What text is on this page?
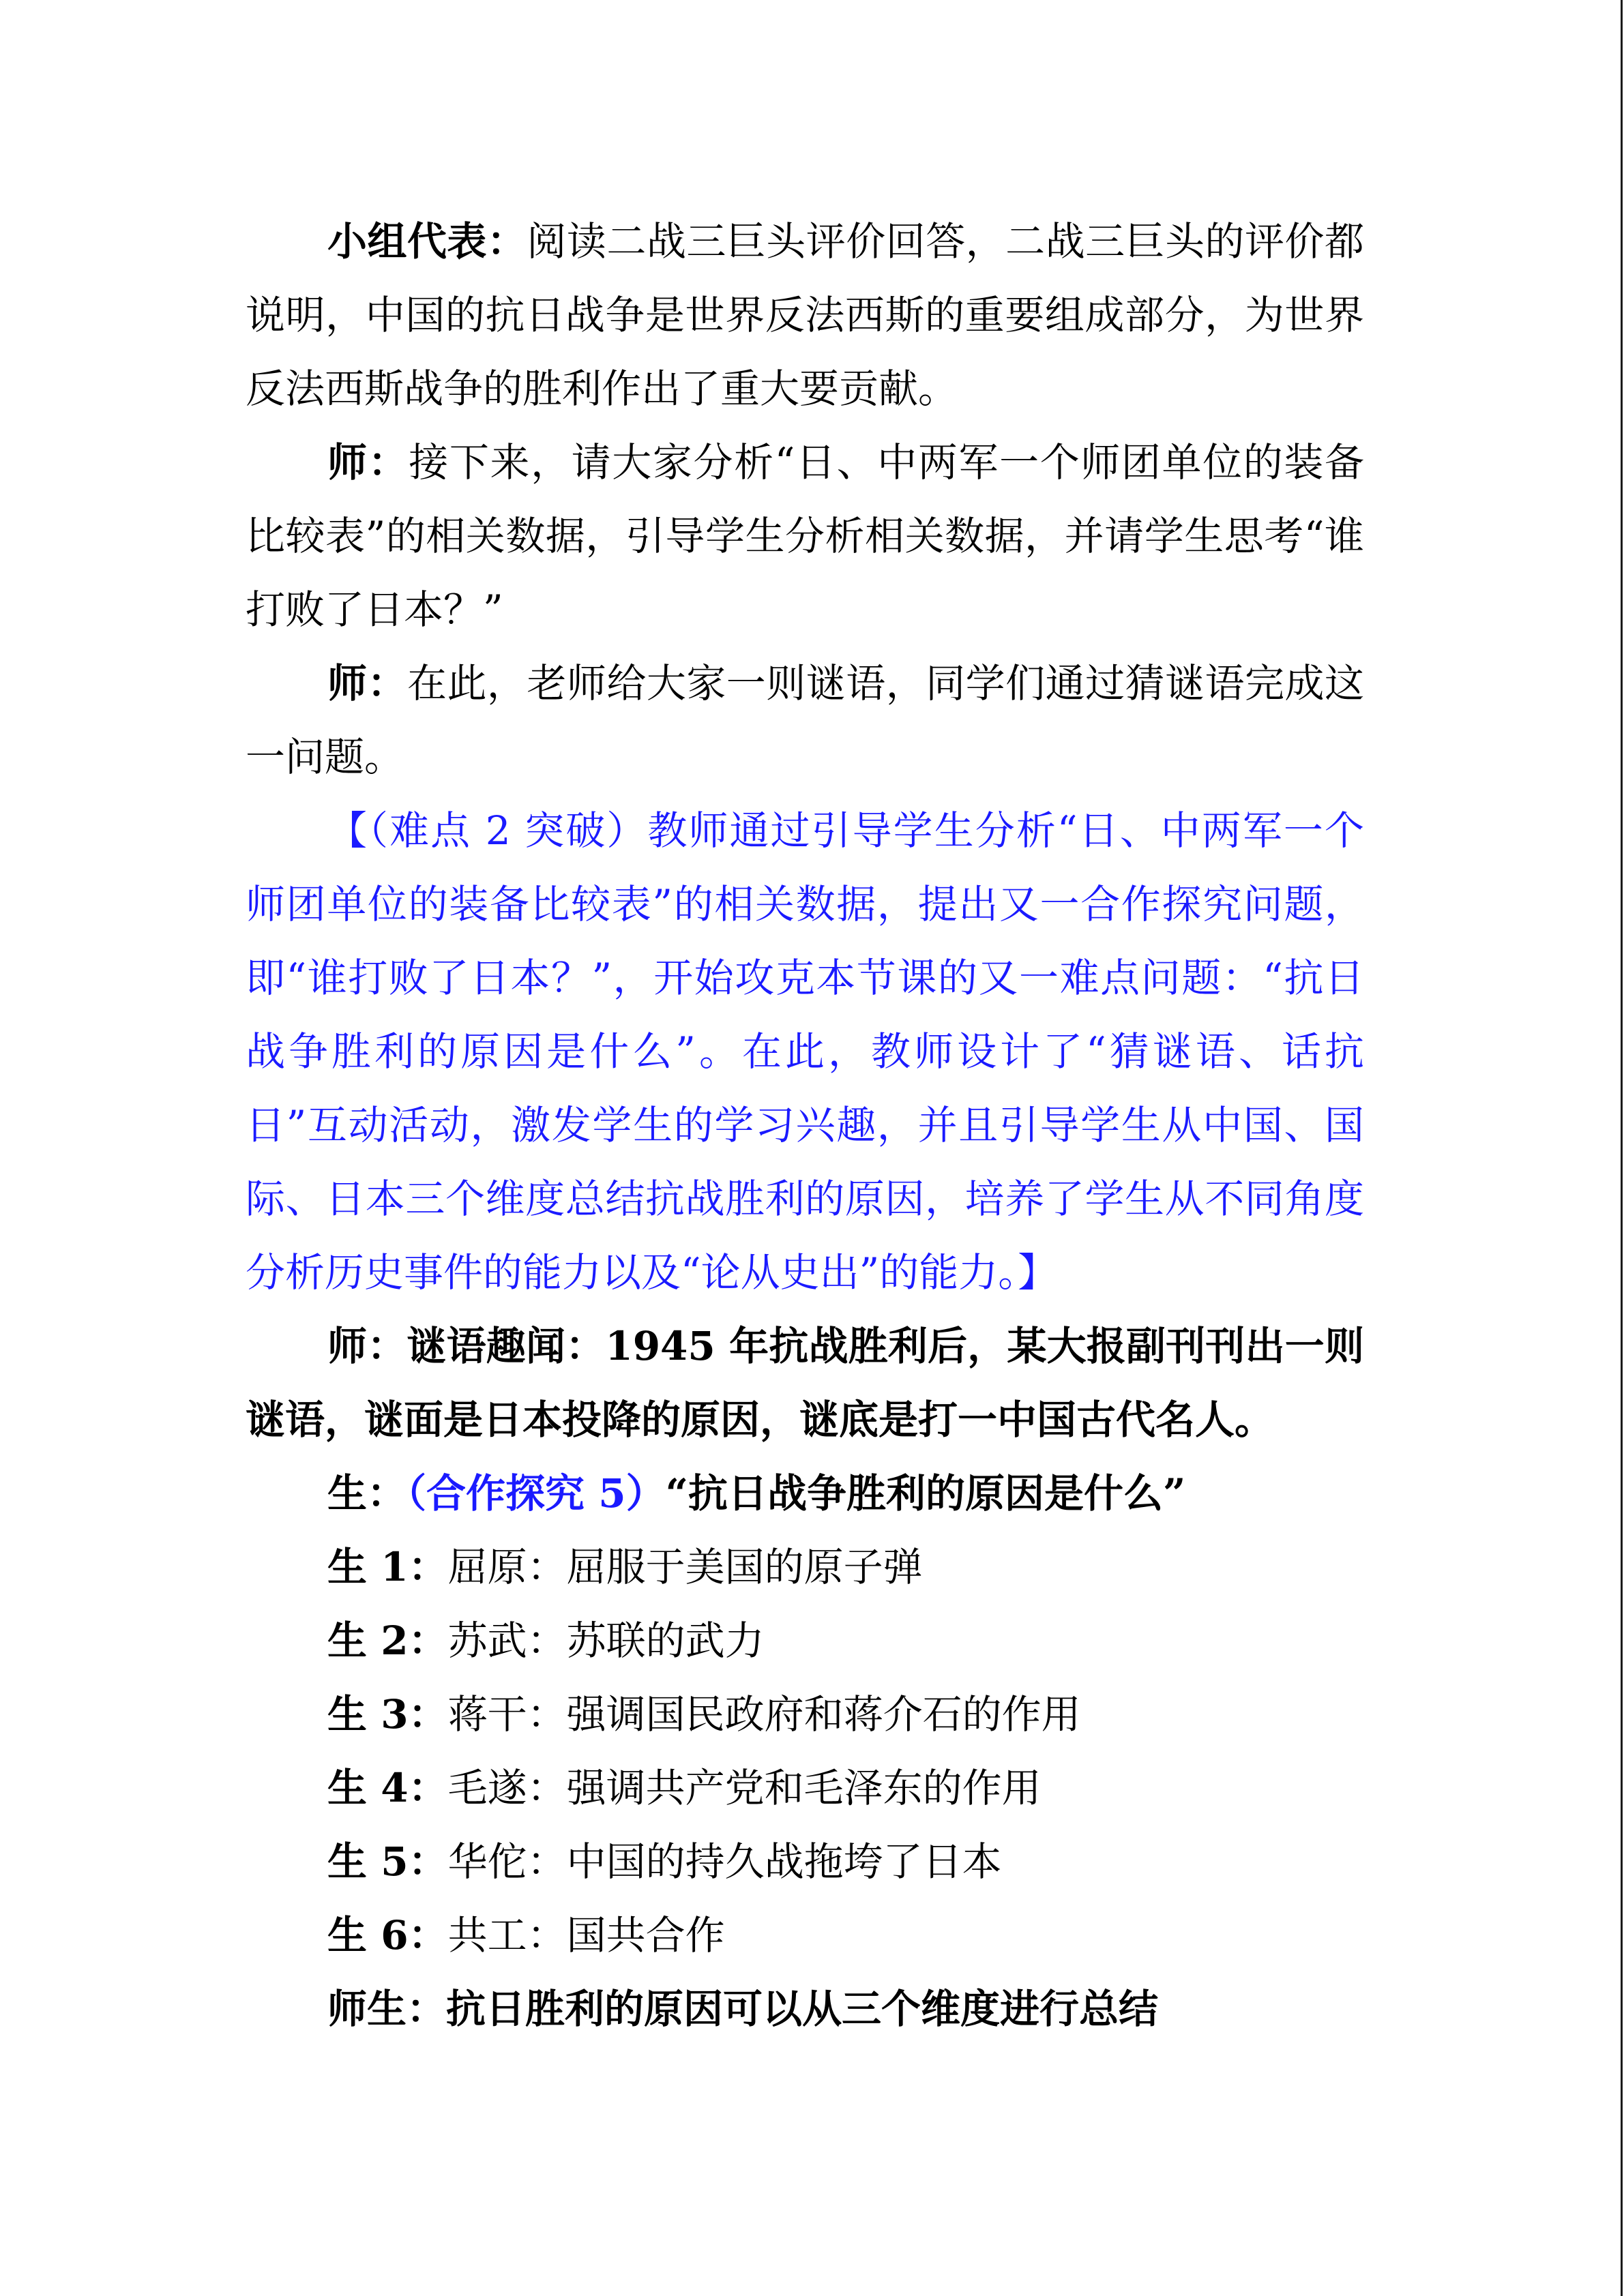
小组代表：阅读二战三巨头评价回答，二战三巨头的评价都说明，中国的抗日战争是世界反法西斯的重要组成部分，为世界反法西斯战争的胜利作出了重大要贡献。

师：接下来，请大家分析“日、中两军一个师团单位的装备比较表”的相关数据，引导学生分析相关数据，并请学生思考“谁打败了日本？”

师：在此，老师给大家一则谜语，同学们通过猜谜语完成这一问题。

【（难点 2 突破）教师通过引导学生分析“日、中两军一个师团单位的装备比较表”的相关数据，提出又一合作探究问题，即“谁打败了日本？”，开始攻克本节课的又一难点问题：“抗日战争胜利的原因是什么”。在此，教师设计了“猜谜语、话抗日”互动活动，激发学生的学习兴趣，并且引导学生从中国、国际、日本三个维度总结抗战胜利的原因，培养了学生从不同角度分析历史事件的能力以及“论从史出”的能力。】

师：谜语趣闻：1945 年抗战胜利后，某大报副刊刊出一则谜语，谜面是日本投降的原因，谜底是打一中国古代名人。

生：（合作探究 5）“抗日战争胜利的原因是什么”

生 1：屈原：屈服于美国的原子弹

生 2：苏武：苏联的武力

生 3：蒋干：强调国民政府和蒋介石的作用

生 4：毛遂：强调共产党和毛泽东的作用

生 5：华佗：中国的持久战拖垮了日本

生 6：共工：国共合作

师生：抗日胜利的原因可以从三个维度进行总结
